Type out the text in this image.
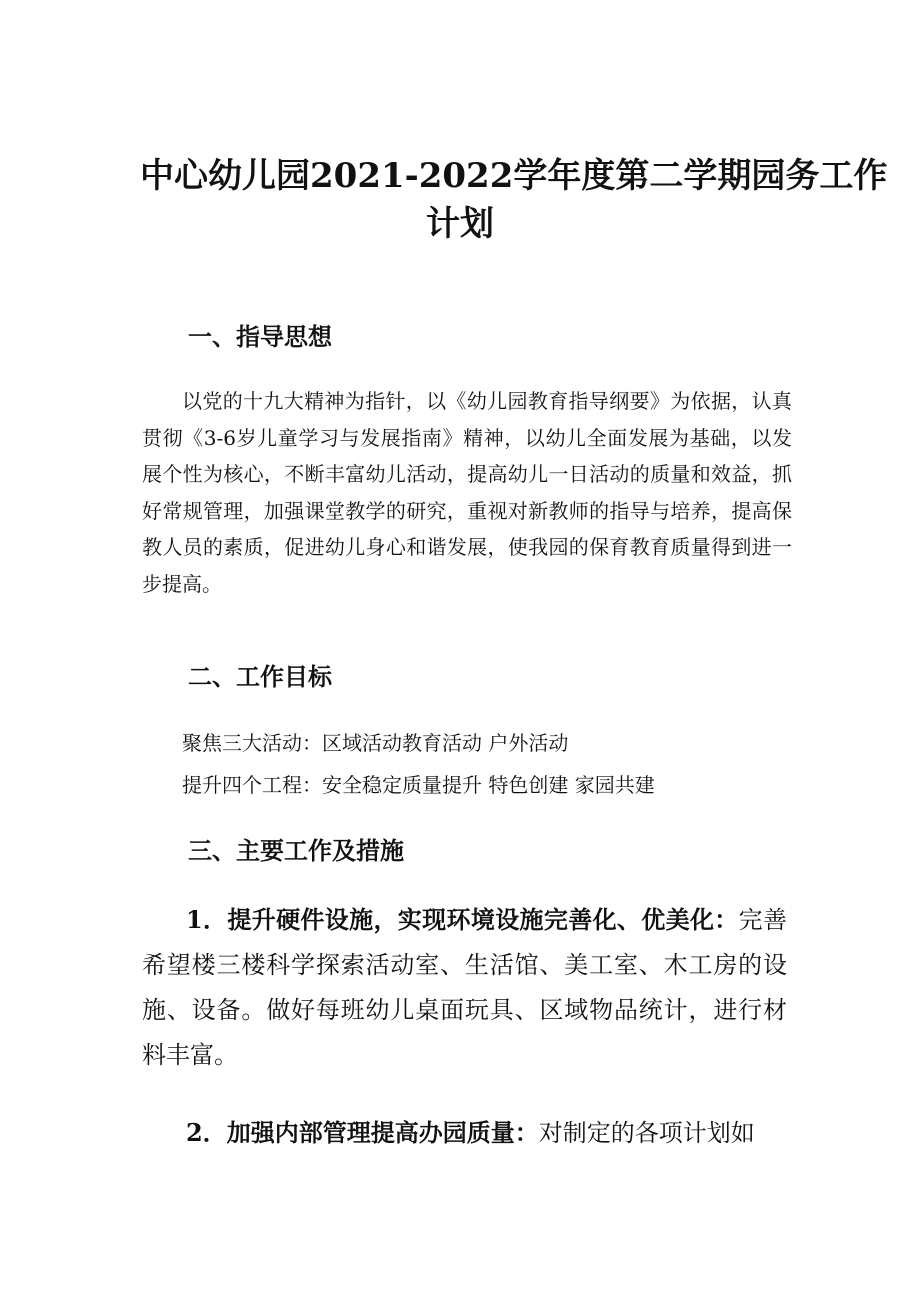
中心幼儿园2021-2022学年度第二学期园务工作
计划
一、指导思想
以党的十九大精神为指针，以《幼儿园教育指导纲要》为依据，认真贯彻《3-6岁儿童学习与发展指南》精神，以幼儿全面发展为基础，以发展个性为核心，不断丰富幼儿活动，提高幼儿一日活动的质量和效益，抓好常规管理，加强课堂教学的研究，重视对新教师的指导与培养，提高保教人员的素质，促进幼儿身心和谐发展，使我园的保育教育质量得到进一步提高。
二、工作目标
聚焦三大活动：区域活动教育活动 户外活动
提升四个工程：安全稳定质量提升 特色创建 家园共建
三、主要工作及措施
1．提升硬件设施，实现环境设施完善化、优美化：完善希望楼三楼科学探索活动室、生活馆、美工室、木工房的设施、设备。做好每班幼儿桌面玩具、区域物品统计，进行材料丰富。
2．加强内部管理提高办园质量：对制定的各项计划如
